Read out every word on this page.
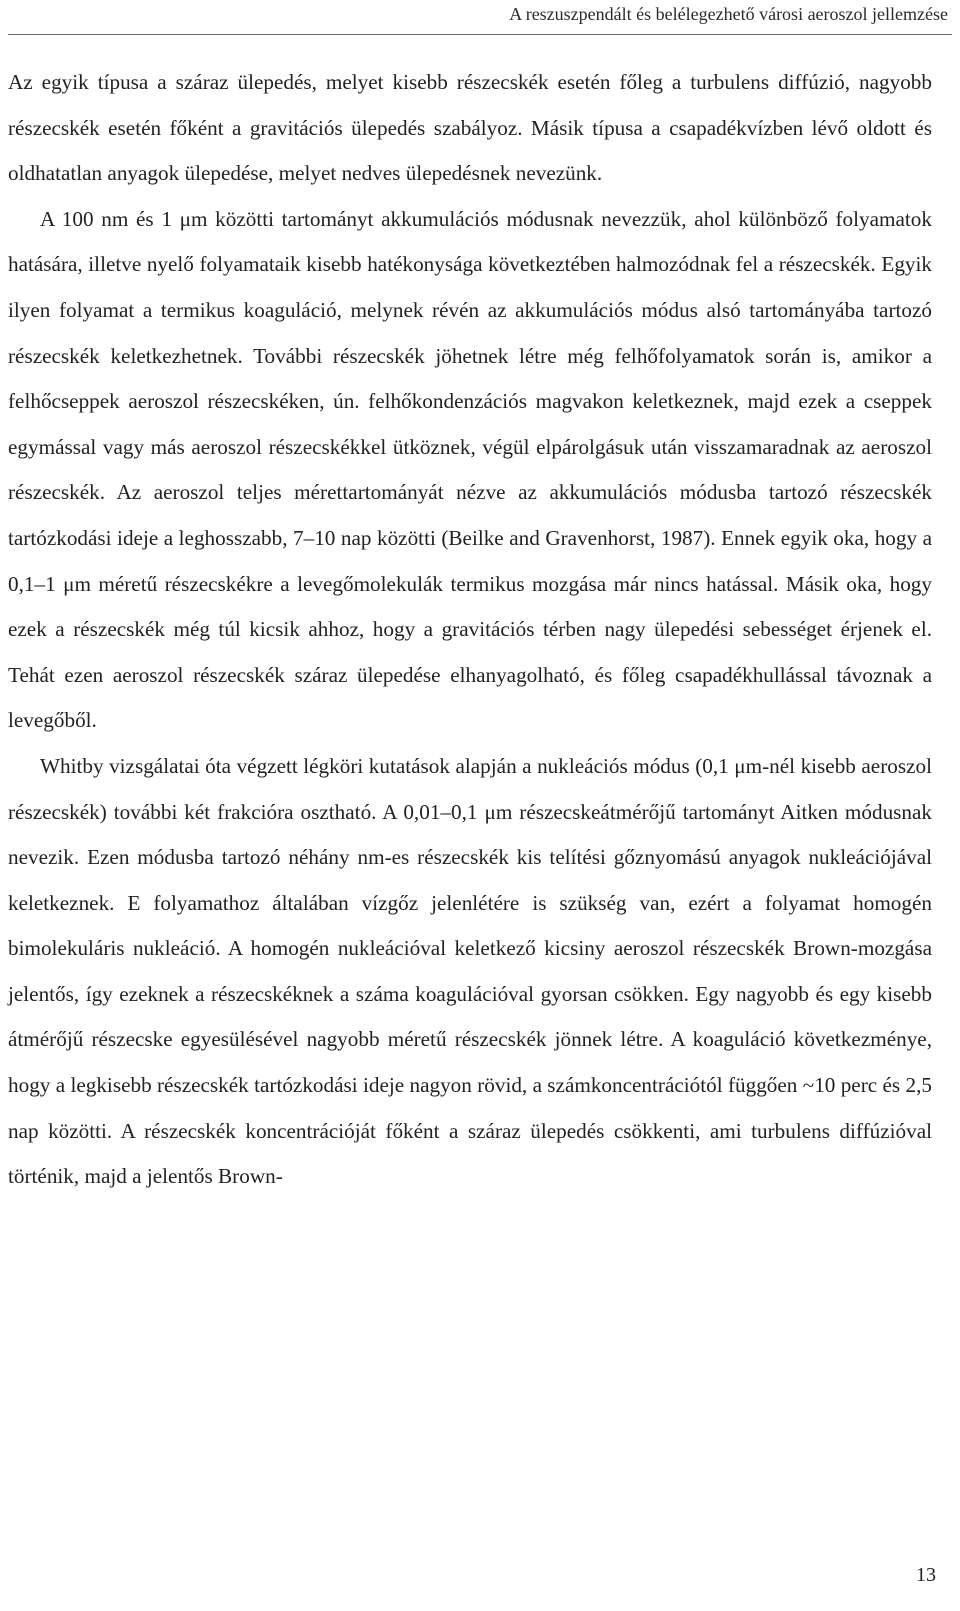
A reszuszpendált és belélegezhető városi aeroszol jellemzése

Az egyik típusa a száraz ülepedés, melyet kisebb részecskék esetén főleg a turbulens diffúzió, nagyobb részecskék esetén főként a gravitációs ülepedés szabályoz. Másik típusa a csapadékvízben lévő oldott és oldhatatlan anyagok ülepedése, melyet nedves ülepedésnek nevezünk.

A 100 nm és 1 μm közötti tartományt akkumulációs módusnak nevezzük, ahol különböző folyamatok hatására, illetve nyelő folyamataik kisebb hatékonysága következtében halmozódnak fel a részecskék. Egyik ilyen folyamat a termikus koaguláció, melynek révén az akkumulációs módus alsó tartományába tartozó részecskék keletkezhetnek. További részecskék jöhetnek létre még felhőfolyamatok során is, amikor a felhőcseppek aeroszol részecskéken, ún. felhőkondenzációs magvakon keletkeznek, majd ezek a cseppek egymással vagy más aeroszol részecskékkel ütköznek, végül elpárolgásuk után visszamaradnak az aeroszol részecskék. Az aeroszol teljes mérettartományát nézve az akkumulációs módusba tartozó részecskék tartózkodási ideje a leghosszabb, 7–10 nap közötti (Beilke and Gravenhorst, 1987). Ennek egyik oka, hogy a 0,1–1 μm méretű részecskékre a levegőmolekulák termikus mozgása már nincs hatással. Másik oka, hogy ezek a részecskék még túl kicsik ahhoz, hogy a gravitációs térben nagy ülepedési sebességet érjenek el. Tehát ezen aeroszol részecskék száraz ülepedése elhanyagolható, és főleg csapadékhullással távoznak a levegőből.

Whitby vizsgálatai óta végzett légköri kutatások alapján a nukleációs módus (0,1 μm-nél kisebb aeroszol részecskék) további két frakcióra osztható. A 0,01–0,1 μm részecskeátmérőjű tartományt Aitken módusnak nevezik. Ezen módusba tartozó néhány nm-es részecskék kis telítési gőznyomású anyagok nukleációjával keletkeznek. E folyamathoz általában vízgőz jelenlétére is szükség van, ezért a folyamat homogén bimolekuláris nukleáció. A homogén nukleációval keletkező kicsiny aeroszol részecskék Brown-mozgása jelentős, így ezeknek a részecskéknek a száma koagulációval gyorsan csökken. Egy nagyobb és egy kisebb átmérőjű részecske egyesülésével nagyobb méretű részecskék jönnek létre. A koaguláció következménye, hogy a legkisebb részecskék tartózkodási ideje nagyon rövid, a számkoncentrációtól függően ~10 perc és 2,5 nap közötti. A részecskék koncentrációját főként a száraz ülepedés csökkenti, ami turbulens diffúzióval történik, majd a jelentős Brown-

13
